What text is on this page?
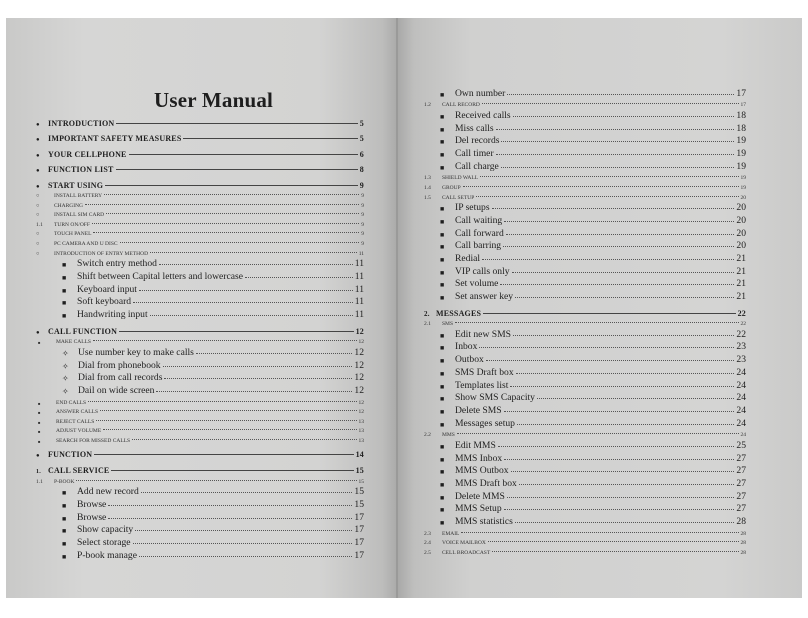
User Manual
●	INTRODUCTION	5
●	IMPORTANT SAFETY MEASURES	5
●	YOUR CELLPHONE	6
●	FUNCTION LIST	8
●	START USING	9
○	INSTALL BATTERY	9
○	CHARGING	9
○	INSTALL SIM CARD	9
1.1	TURN ON/OFF	9
○	TOUCH PANEL	9
○	PC CAMERA AND U DISC	9
○	INTRODUCTION OF ENTRY METHOD	11
■	Switch entry method	11
■	Shift between Capital letters and lowercase	11
■	Keyboard input	11
■	Soft keyboard	11
■	Handwriting input	11
●	CALL FUNCTION	12
■	MAKE CALLS	12
✧ Use number key to make calls	12
✧ Dial from phonebook	12
✧ Dial from call records	12
✧ Dail on wide screen	12
■	END CALLS	12
■	ANSWER CALLS	12
■	REJECT CALLS	13
■	ADJUST VOLUME	13
■	SEARCH FOR MISSED CALLS	13
●	FUNCTION	14
1. CALL SERVICE	15
1.1	P-BOOK	15
■	Add new record	15
■	Browse	15
■	Browse	17
■	Show capacity	17
■	Select storage	17
■	P-book manage	17
■	Own number	17
1.2	CALL RECORD	17
■	Received calls	18
■	Miss calls	18
■	Del records	19
■	Call timer	19
■	Call charge	19
1.3	SHIELD WALL	19
1.4	GROUP	19
1.5	CALL SETUP	20
■	IP setups	20
■	Call waiting	20
■	Call forward	20
■	Call barring	20
■	Redial	21
■	VIP calls only	21
■	Set volume	21
■	Set answer key	21
2. MESSAGES	22
2.1	SMS	22
■	Edit new SMS	22
■	Inbox	23
■	Outbox	23
■	SMS Draft box	24
■	Templates list	24
■	Show SMS Capacity	24
■	Delete SMS	24
■	Messages setup	24
2.2	MMS	24
■	Edit MMS	25
■	MMS Inbox	27
■	MMS Outbox	27
■	MMS Draft box	27
■	Delete MMS	27
■	MMS Setup	27
■	MMS statistics	28
2.3	EMAIL	28
2.4	VOICE MAILBOX	28
2.5	CELL BROADCAST	28
